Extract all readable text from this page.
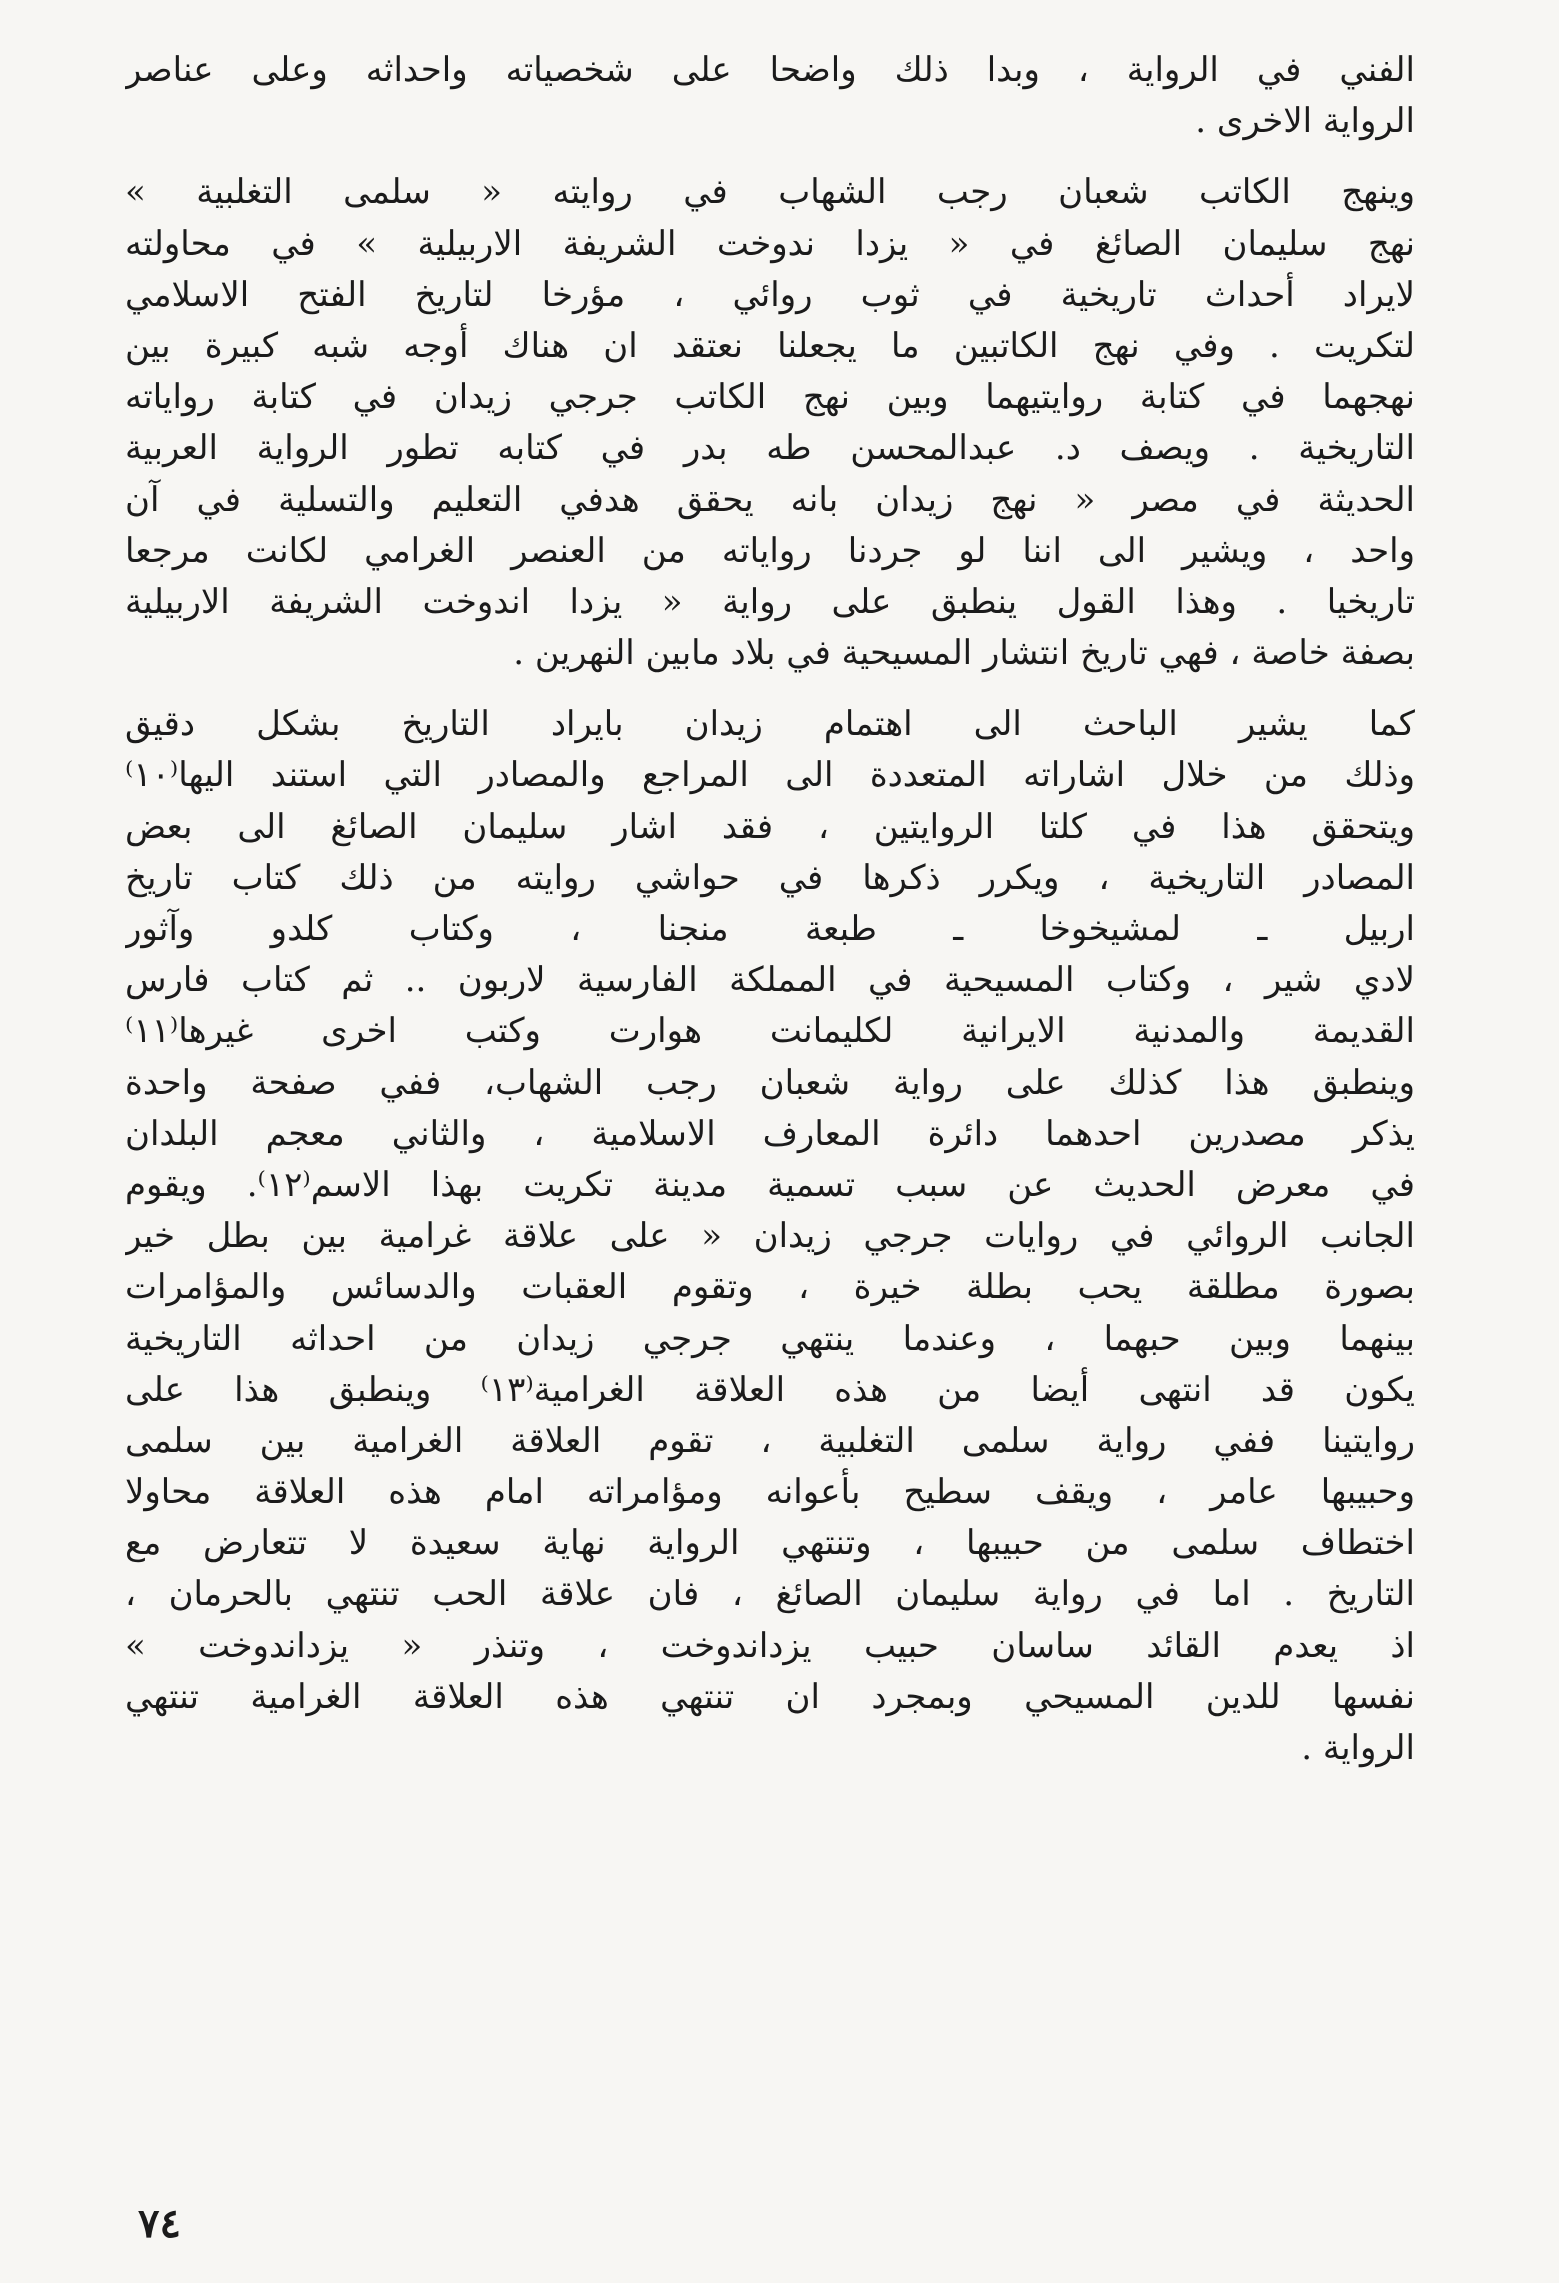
الفني في الرواية ، وبدا ذلك واضحا على شخصياته واحداثه وعلى عناصر
الرواية الاخرى .
وينهج الكاتب شعبان رجب الشهاب في روايته « سلمى التغلبية »
نهج سليمان الصائغ في « يزدا ندوخت الشريفة الاربيلية » في محاولته
لايراد أحداث تاريخية في ثوب روائي ، مؤرخا لتاريخ الفتح الاسلامي
لتكريت . وفي نهج الكاتبين ما يجعلنا نعتقد ان هناك أوجه شبه كبيرة بين
نهجهما في كتابة روايتيهما وبين نهج الكاتب جرجي زيدان في كتابة رواياته
التاريخية . ويصف د. عبدالمحسن طه بدر في كتابه تطور الرواية العربية
الحديثة في مصر « نهج زيدان بانه يحقق هدفي التعليم والتسلية في آن
واحد ، ويشير الى اننا لو جردنا رواياته من العنصر الغرامي لكانت مرجعا
تاريخيا . وهذا القول ينطبق على رواية « يزدا اندوخت الشريفة الاربيلية
بصفة خاصة ، فهي تاريخ انتشار المسيحية في بلاد مابين النهرين .
كما يشير الباحث الى اهتمام زيدان بايراد التاريخ بشكل دقيق
وذلك من خلال اشاراته المتعددة الى المراجع والمصادر التي استند اليها⁽١٠⁾
ويتحقق هذا في كلتا الروايتين ، فقد اشار سليمان الصائغ الى بعض
المصادر التاريخية ، ويكرر ذكرها في حواشي روايته من ذلك كتاب تاريخ
اربيل ـ لمشيخوخا ـ طبعة منجنا ، وكتاب كلدو وآثور
لادي شير ، وكتاب المسيحية في المملكة الفارسية لاربون .. ثم كتاب فارس
القديمة والمدنية الايرانية لكليمانت هوارت وكتب اخرى غيرها⁽١١⁾
وينطبق هذا كذلك على رواية شعبان رجب الشهاب، ففي صفحة واحدة
يذكر مصدرين احدهما دائرة المعارف الاسلامية ، والثاني معجم البلدان
في معرض الحديث عن سبب تسمية مدينة تكريت بهذا الاسم⁽١٢⁾. ويقوم
الجانب الروائي في روايات جرجي زيدان « على علاقة غرامية بين بطل خير
بصورة مطلقة يحب بطلة خيرة ، وتقوم العقبات والدسائس والمؤامرات
بينهما وبين حبهما ، وعندما ينتهي جرجي زيدان من احداثه التاريخية
يكون قد انتهى أيضا من هذه العلاقة الغرامية⁽١٣⁾ وينطبق هذا على
روايتينا ففي رواية سلمى التغلبية ، تقوم العلاقة الغرامية بين سلمى
وحبيبها عامر ، ويقف سطيح بأعوانه ومؤامراته امام هذه العلاقة محاولا
اختطاف سلمى من حبيبها ، وتنتهي الرواية نهاية سعيدة لا تتعارض مع
التاريخ . اما في رواية سليمان الصائغ ، فان علاقة الحب تنتهي بالحرمان ،
اذ يعدم القائد ساسان حبيب يزداندوخت ، وتنذر « يزداندوخت »
نفسها للدين المسيحي وبمجرد ان تنتهي هذه العلاقة الغرامية تنتهي
الرواية .
٧٤
